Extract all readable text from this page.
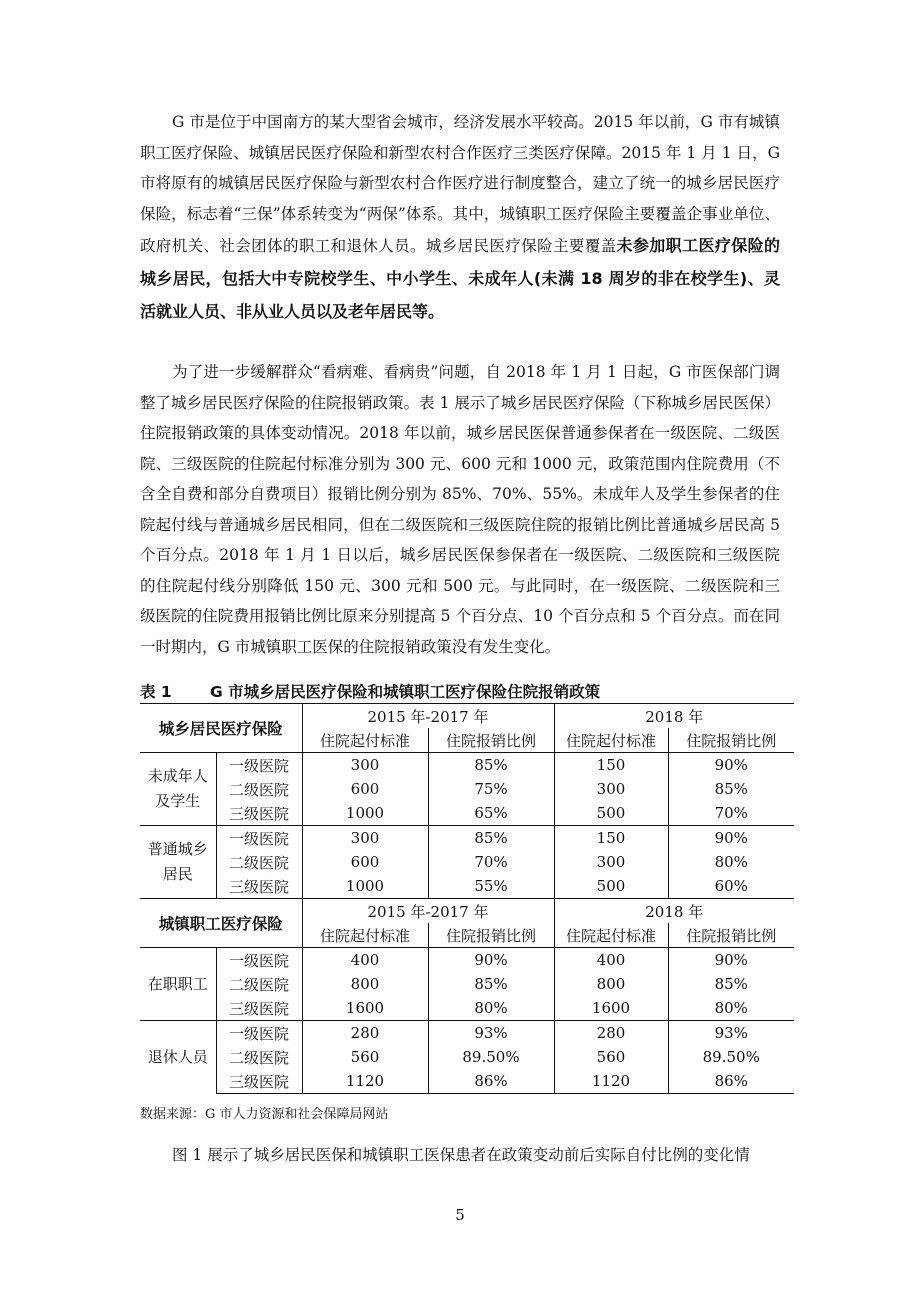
G 市是位于中国南方的某大型省会城市，经济发展水平较高。2015 年以前，G 市有城镇职工医疗保险、城镇居民医疗保险和新型农村合作医疗三类医疗保障。2015 年 1 月 1 日，G 市将原有的城镇居民医疗保险与新型农村合作医疗进行制度整合，建立了统一的城乡居民医疗保险，标志着“三保”体系转变为“两保”体系。其中，城镇职工医疗保险主要覆盖企事业单位、政府机关、社会团体的职工和退休人员。城乡居民医疗保险主要覆盖未参加职工医疗保险的城乡居民，包括大中专院校学生、中小学生、未成年人(未满 18 周岁的非在校学生)、灵活就业人员、非从业人员以及老年居民等。
为了进一步缓解群众“看病难、看病贵”问题，自 2018 年 1 月 1 日起，G 市医保部门调整了城乡居民医疗保险的住院报销政策。表 1 展示了城乡居民医疗保险（下称城乡居民医保）住院报销政策的具体变动情况。2018 年以前，城乡居民医保普通参保者在一级医院、二级医院、三级医院的住院起付标准分别为 300 元、600 元和 1000 元，政策范围内住院费用（不含全自费和部分自费项目）报销比例分别为 85%、70%、55%。未成年人及学生参保者的住院起付线与普通城乡居民相同，但在二级医院和三级医院住院的报销比例比普通城乡居民高 5 个百分点。2018 年 1 月 1 日以后，城乡居民医保参保者在一级医院、二级医院和三级医院的住院起付线分别降低 150 元、300 元和 500 元。与此同时，在一级医院、二级医院和三级医院的住院费用报销比例比原来分别提高 5 个百分点、10 个百分点和 5 个百分点。而在同一时期内，G 市城镇职工医保的住院报销政策没有发生变化。
表 1 G 市城乡居民医疗保险和城镇职工医疗保险住院报销政策
城乡居民医疗保险		2015 年-2017 年		2018 年	
		住院起付标准	住院报销比例	住院起付标准	住院报销比例
未成年人
及学生	一级医院	300	85%	150	90%
	二级医院	600	75%	300	85%
	三级医院	1000	65%	500	70%
普通城乡
居民	一级医院	300	85%	150	90%
	二级医院	600	70%	300	80%
	三级医院	1000	55%	500	60%
城镇职工医疗保险		2015 年-2017 年		2018 年	
		住院起付标准	住院报销比例	住院起付标准	住院报销比例
在职职工	一级医院	400	90%	400	90%
	二级医院	800	85%	800	85%
	三级医院	1600	80%	1600	80%
退休人员	一级医院	280	93%	280	93%
	二级医院	560	89.50%	560	89.50%
	三级医院	1120	86%	1120	86%
数据来源：G 市人力资源和社会保障局网站
图 1 展示了城乡居民医保和城镇职工医保患者在政策变动前后实际自付比例的变化情
5
